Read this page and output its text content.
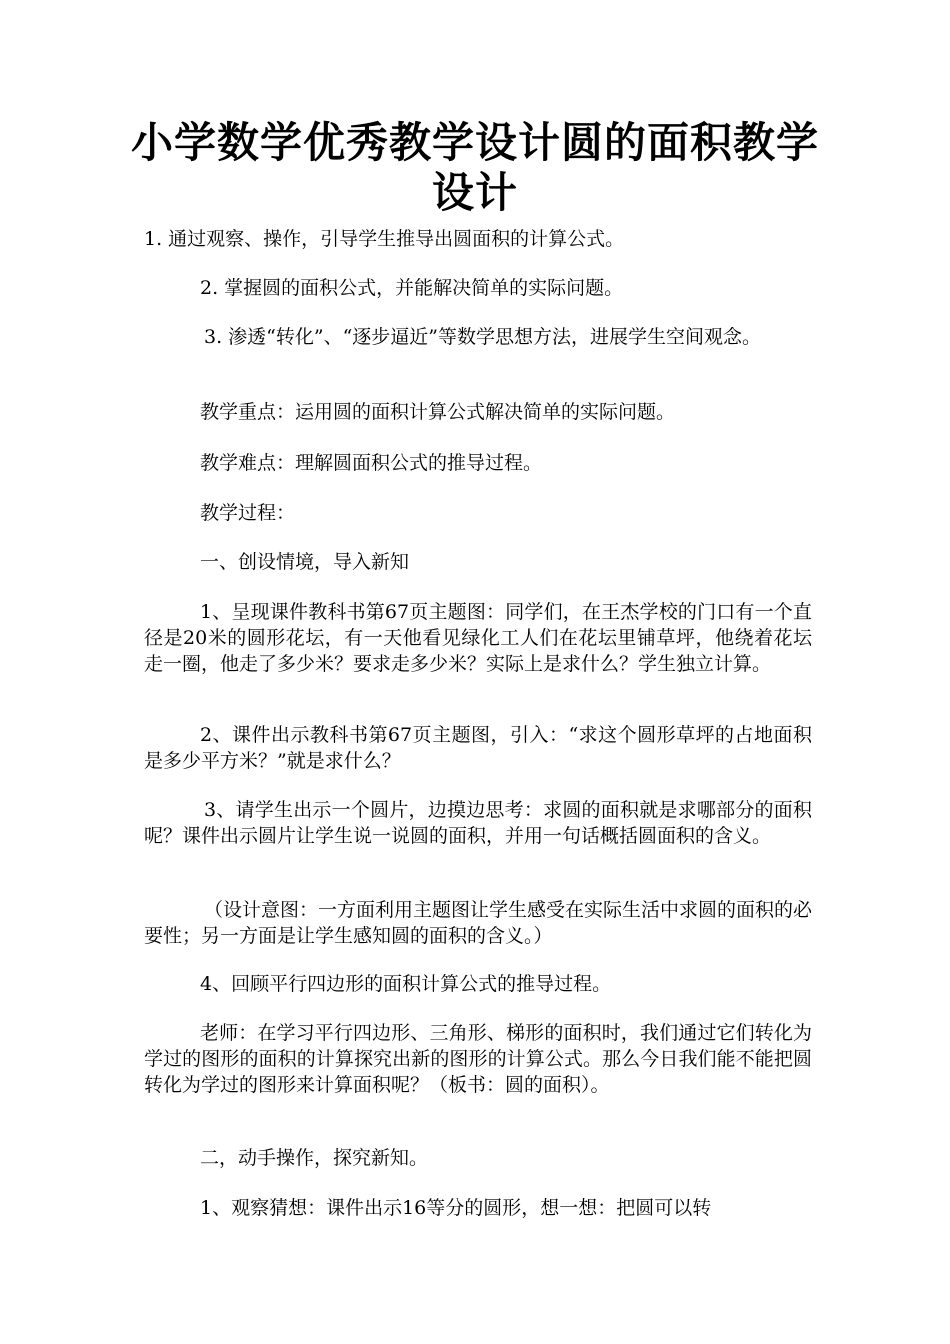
小学数学优秀教学设计圆的面积教学设计
1. 通过观察、操作，引导学生推导出圆面积的计算公式。
2. 掌握圆的面积公式，并能解决简单的实际问题。
3. 渗透“转化”、“逐步逼近”等数学思想方法，进展学生空间观念。
教学重点：运用圆的面积计算公式解决简单的实际问题。
教学难点：理解圆面积公式的推导过程。
教学过程：
一、创设情境，导入新知
1、呈现课件教科书第67页主题图：同学们，在王杰学校的门口有一个直径是20米的圆形花坛，有一天他看见绿化工人们在花坛里铺草坪，他绕着花坛走一圈，他走了多少米？要求走多少米？实际上是求什么？学生独立计算。
2、课件出示教科书第67页主题图，引入：“求这个圆形草坪的占地面积是多少平方米？”就是求什么？
3、请学生出示一个圆片，边摸边思考：求圆的面积就是求哪部分的面积呢？课件出示圆片让学生说一说圆的面积，并用一句话概括圆面积的含义。
（设计意图：一方面利用主题图让学生感受在实际生活中求圆的面积的必要性；另一方面是让学生感知圆的面积的含义。）
4、回顾平行四边形的面积计算公式的推导过程。
老师：在学习平行四边形、三角形、梯形的面积时，我们通过它们转化为学过的图形的面积的计算探究出新的图形的计算公式。那么今日我们能不能把圆转化为学过的图形来计算面积呢？（板书：圆的面积）。
二，动手操作，探究新知。
1、观察猜想：课件出示16等分的圆形，想一想：把圆可以转
